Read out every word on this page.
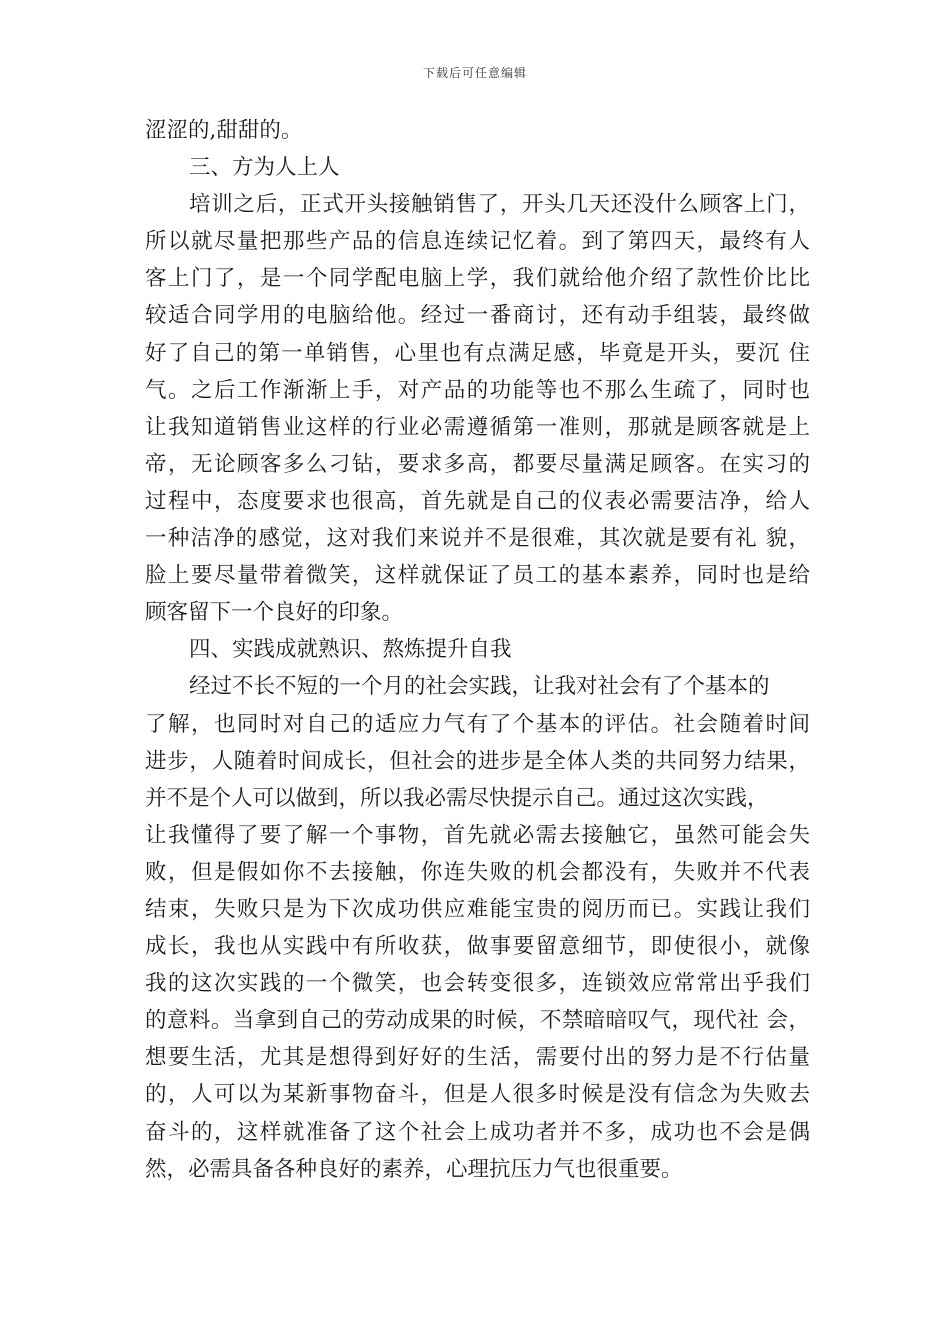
下载后可任意编辑
涩涩的,甜甜的。
三、方为人上人
培训之后，正式开头接触销售了，开头几天还没什么顾客上门，
所以就尽量把那些产品的信息连续记忆着。到了第四天，最终有人
客上门了，是一个同学配电脑上学，我们就给他介绍了款性价比比
较适合同学用的电脑给他。经过一番商讨，还有动手组装，最终做
好了自己的第一单销售，心里也有点满足感，毕竟是开头，要沉 住
气。之后工作渐渐上手，对产品的功能等也不那么生疏了，同时也
让我知道销售业这样的行业必需遵循第一准则，那就是顾客就是上
帝，无论顾客多么刁钻，要求多高，都要尽量满足顾客。在实习的
过程中，态度要求也很高，首先就是自己的仪表必需要洁净，给人
一种洁净的感觉，这对我们来说并不是很难，其次就是要有礼 貌，
脸上要尽量带着微笑，这样就保证了员工的基本素养，同时也是给
顾客留下一个良好的印象。
四、实践成就熟识、熬炼提升自我
经过不长不短的一个月的社会实践，让我对社会有了个基本的
了解，也同时对自己的适应力气有了个基本的评估。社会随着时间
进步，人随着时间成长，但社会的进步是全体人类的共同努力结果，
并不是个人可以做到，所以我必需尽快提示自己。通过这次实践，
让我懂得了要了解一个事物，首先就必需去接触它，虽然可能会失
败，但是假如你不去接触，你连失败的机会都没有，失败并不代表
结束，失败只是为下次成功供应难能宝贵的阅历而已。实践让我们
成长，我也从实践中有所收获，做事要留意细节，即使很小，就像
我的这次实践的一个微笑，也会转变很多，连锁效应常常出乎我们
的意料。当拿到自己的劳动成果的时候，不禁暗暗叹气，现代社 会，
想要生活，尤其是想得到好好的生活，需要付出的努力是不行估量
的，人可以为某新事物奋斗，但是人很多时候是没有信念为失败去
奋斗的，这样就准备了这个社会上成功者并不多，成功也不会是偶
然，必需具备各种良好的素养，心理抗压力气也很重要。
